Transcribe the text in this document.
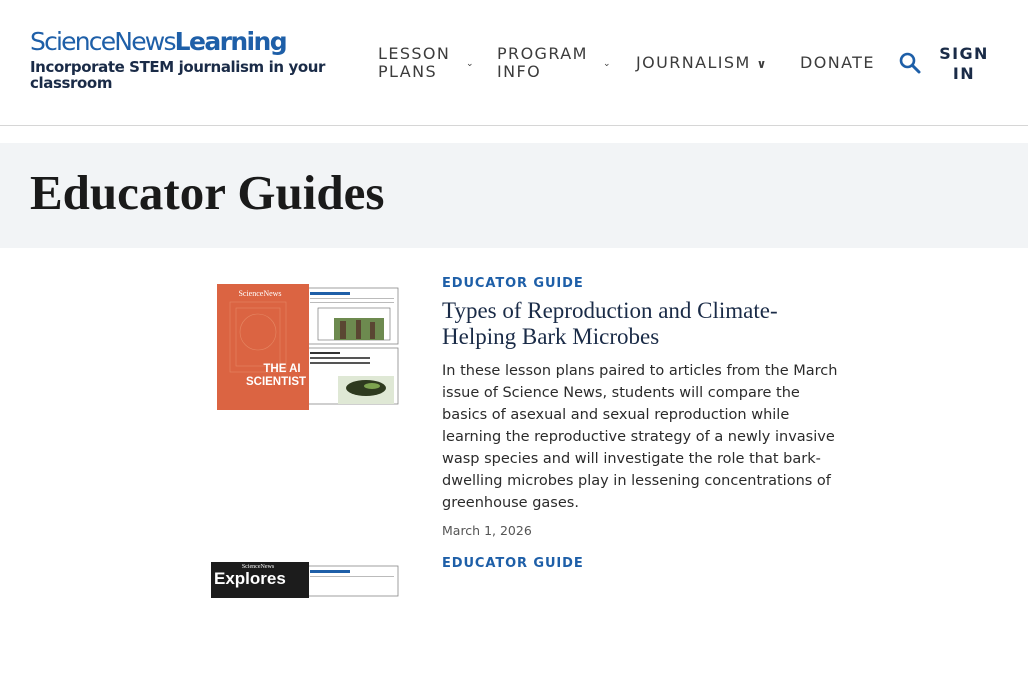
ScienceNewsLearning
Incorporate STEM journalism in your classroom
LESSON PLANS	⌄
PROGRAM INFO	⌄ JOURNALISM ∨ DONATE	SIGN IN
Educator Guides
ScienceNews
THE AI
SCIENTIST
EDUCATOR GUIDE
Types of Reproduction and Climate-Helping Bark Microbes
In these lesson plans paired to articles from the March issue of Science News, students will compare the basics of asexual and sexual reproduction while learning the reproductive strategy of a newly invasive wasp species and will investigate the role that bark-dwelling microbes play in lessening concentrations of greenhouse gases.
March 1, 2026
ScienceNews
Explores
EDUCATOR GUIDE
